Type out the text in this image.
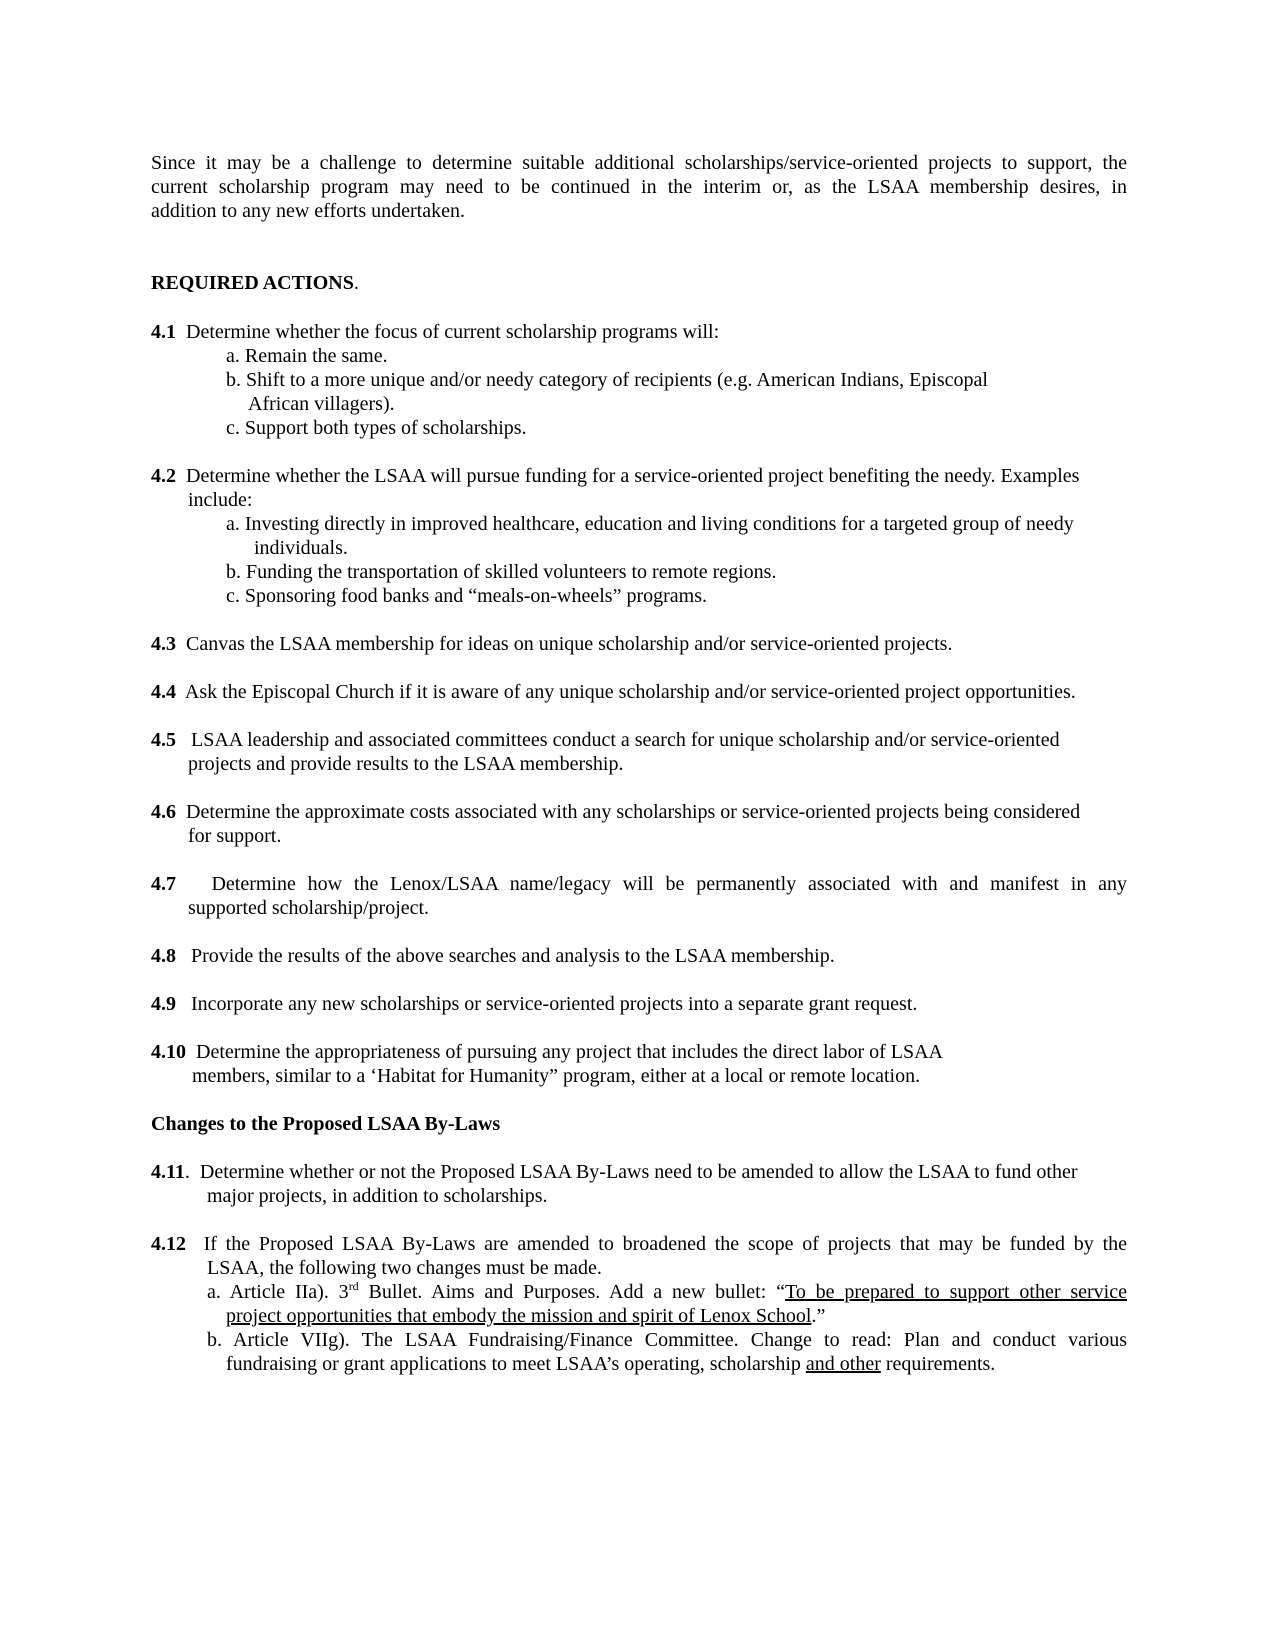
Since it may be a challenge to determine suitable additional scholarships/service-oriented projects to support, the
current scholarship program may need to be continued in the interim or, as the LSAA membership desires, in
addition to any new efforts undertaken.
REQUIRED ACTIONS.
4.1 Determine whether the focus of current scholarship programs will:
a. Remain the same.
b. Shift to a more unique and/or needy category of recipients (e.g. American Indians, Episcopal
African villagers).
c. Support both types of scholarships.
4.2 Determine whether the LSAA will pursue funding for a service-oriented project benefiting the needy. Examples
include:
a. Investing directly in improved healthcare, education and living conditions for a targeted group of needy
individuals.
b. Funding the transportation of skilled volunteers to remote regions.
c. Sponsoring food banks and “meals-on-wheels” programs.
4.3 Canvas the LSAA membership for ideas on unique scholarship and/or service-oriented projects.
4.4 Ask the Episcopal Church if it is aware of any unique scholarship and/or service-oriented project opportunities.
4.5 LSAA leadership and associated committees conduct a search for unique scholarship and/or service-oriented
projects and provide results to the LSAA membership.
4.6 Determine the approximate costs associated with any scholarships or service-oriented projects being considered
for support.
4.7 Determine how the Lenox/LSAA name/legacy will be permanently associated with and manifest in any
supported scholarship/project.
4.8 Provide the results of the above searches and analysis to the LSAA membership.
4.9 Incorporate any new scholarships or service-oriented projects into a separate grant request.
4.10 Determine the appropriateness of pursuing any project that includes the direct labor of LSAA
members, similar to a ‘Habitat for Humanity” program, either at a local or remote location.
Changes to the Proposed LSAA By-Laws
4.11. Determine whether or not the Proposed LSAA By-Laws need to be amended to allow the LSAA to fund other
major projects, in addition to scholarships.
4.12 If the Proposed LSAA By-Laws are amended to broadened the scope of projects that may be funded by the
LSAA, the following two changes must be made.
a. Article IIa). 3rd Bullet. Aims and Purposes. Add a new bullet: “To be prepared to support other service
project opportunities that embody the mission and spirit of Lenox School.”
b. Article VIIg). The LSAA Fundraising/Finance Committee. Change to read: Plan and conduct various
fundraising or grant applications to meet LSAA’s operating, scholarship and other requirements.
